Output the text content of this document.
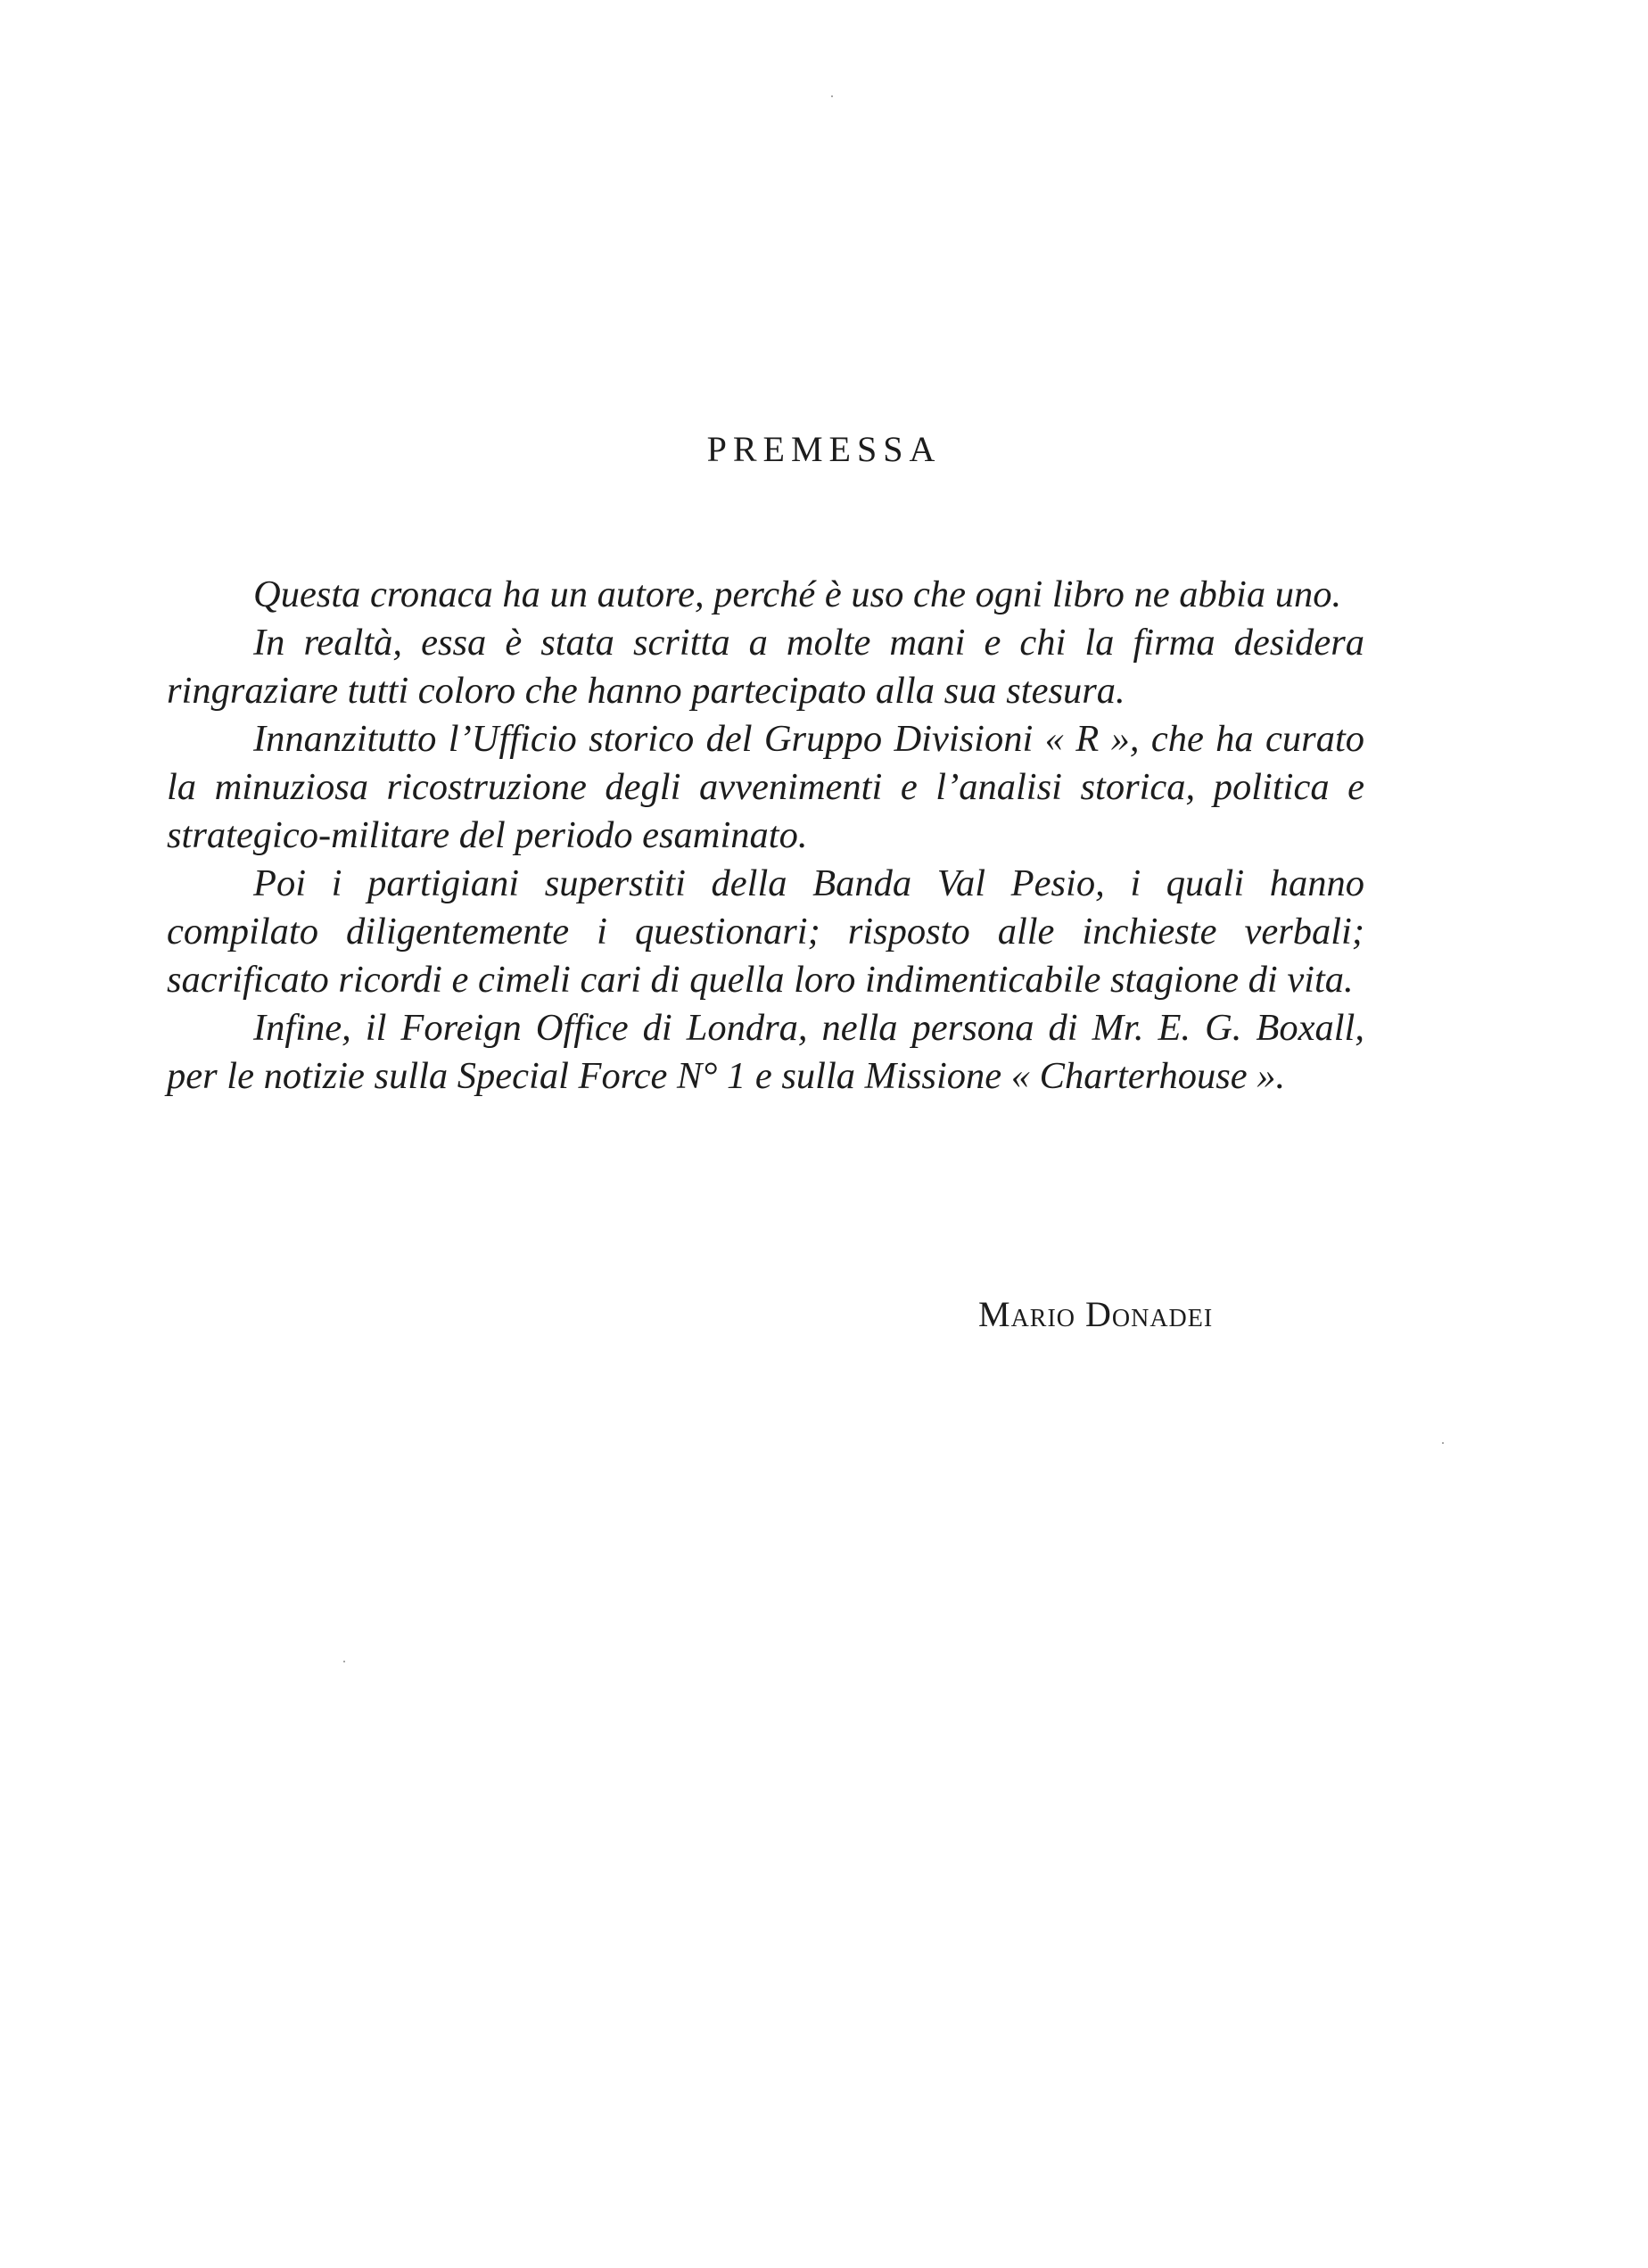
PREMESSA

Questa cronaca ha un autore, perché è uso che ogni libro ne abbia uno.

In realtà, essa è stata scritta a molte mani e chi la firma desidera ringraziare tutti coloro che hanno partecipato alla sua stesura.

Innanzitutto l’Ufficio storico del Gruppo Divisioni « R », che ha curato la minuziosa ricostruzione degli avvenimenti e l’analisi storica, politica e strategico-militare del periodo esaminato.

Poi i partigiani superstiti della Banda Val Pesio, i quali hanno compilato diligentemente i questionari; risposto alle inchieste verbali; sacrificato ricordi e cimeli cari di quella loro indimenticabile stagione di vita.

Infine, il Foreign Office di Londra, nella persona di Mr. E. G. Boxall, per le notizie sulla Special Force N° 1 e sulla Missione « Charterhouse ».

Mario Donadei
